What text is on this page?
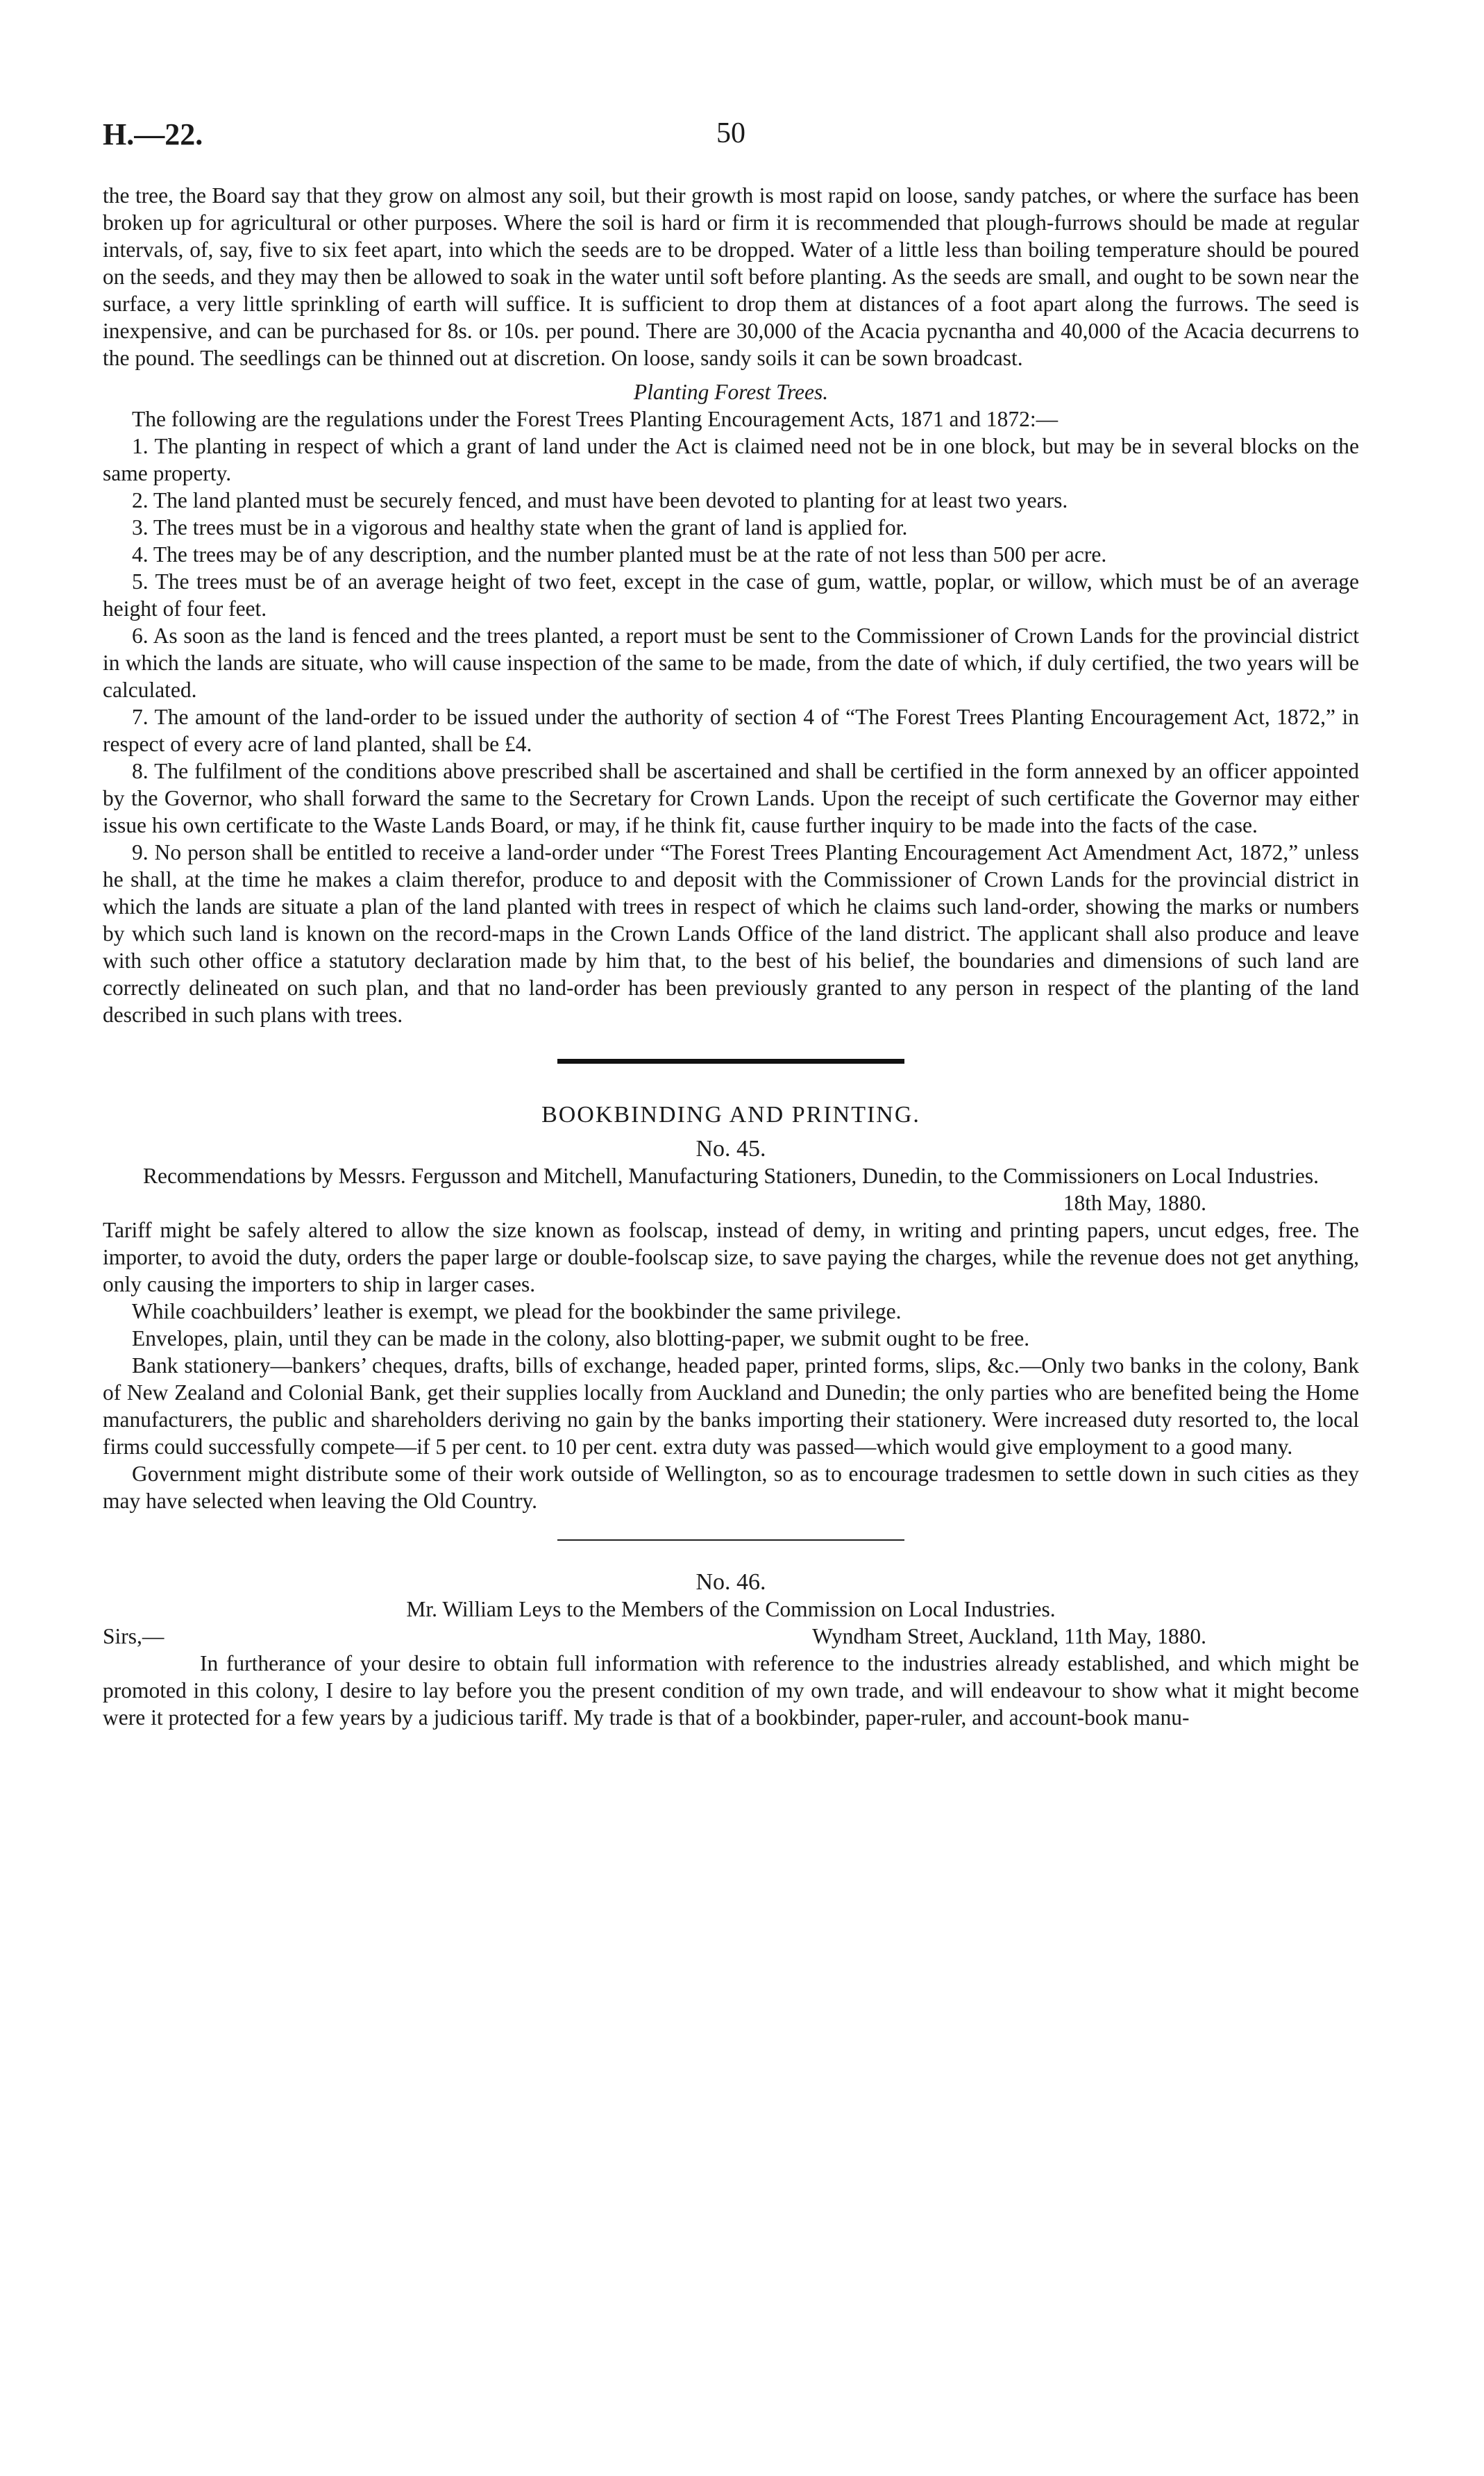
H.—22.	50

the tree, the Board say that they grow on almost any soil, but their growth is most rapid on loose, sandy patches, or where the surface has been broken up for agricultural or other purposes. Where the soil is hard or firm it is recommended that plough-furrows should be made at regular intervals, of, say, five to six feet apart, into which the seeds are to be dropped. Water of a little less than boiling temperature should be poured on the seeds, and they may then be allowed to soak in the water until soft before planting. As the seeds are small, and ought to be sown near the surface, a very little sprinkling of earth will suffice. It is sufficient to drop them at distances of a foot apart along the furrows. The seed is inexpensive, and can be purchased for 8s. or 10s. per pound. There are 30,000 of the Acacia pycnantha and 40,000 of the Acacia decurrens to the pound. The seedlings can be thinned out at discretion. On loose, sandy soils it can be sown broadcast.

Planting Forest Trees.

The following are the regulations under the Forest Trees Planting Encouragement Acts, 1871 and 1872:—

1. The planting in respect of which a grant of land under the Act is claimed need not be in one block, but may be in several blocks on the same property.

2. The land planted must be securely fenced, and must have been devoted to planting for at least two years.

3. The trees must be in a vigorous and healthy state when the grant of land is applied for.

4. The trees may be of any description, and the number planted must be at the rate of not less than 500 per acre.

5. The trees must be of an average height of two feet, except in the case of gum, wattle, poplar, or willow, which must be of an average height of four feet.

6. As soon as the land is fenced and the trees planted, a report must be sent to the Commissioner of Crown Lands for the provincial district in which the lands are situate, who will cause inspection of the same to be made, from the date of which, if duly certified, the two years will be calculated.

7. The amount of the land-order to be issued under the authority of section 4 of “The Forest Trees Planting Encouragement Act, 1872,” in respect of every acre of land planted, shall be £4.

8. The fulfilment of the conditions above prescribed shall be ascertained and shall be certified in the form annexed by an officer appointed by the Governor, who shall forward the same to the Secretary for Crown Lands. Upon the receipt of such certificate the Governor may either issue his own certificate to the Waste Lands Board, or may, if he think fit, cause further inquiry to be made into the facts of the case.

9. No person shall be entitled to receive a land-order under “The Forest Trees Planting Encouragement Act Amendment Act, 1872,” unless he shall, at the time he makes a claim therefor, produce to and deposit with the Commissioner of Crown Lands for the provincial district in which the lands are situate a plan of the land planted with trees in respect of which he claims such land-order, showing the marks or numbers by which such land is known on the record-maps in the Crown Lands Office of the land district. The applicant shall also produce and leave with such other office a statutory declaration made by him that, to the best of his belief, the boundaries and dimensions of such land are correctly delineated on such plan, and that no land-order has been previously granted to any person in respect of the planting of the land described in such plans with trees.

BOOKBINDING AND PRINTING.

No. 45.

Recommendations by Messrs. Fergusson and Mitchell, Manufacturing Stationers, Dunedin, to the Commissioners on Local Industries.

18th May, 1880.

Tariff might be safely altered to allow the size known as foolscap, instead of demy, in writing and printing papers, uncut edges, free. The importer, to avoid the duty, orders the paper large or double-foolscap size, to save paying the charges, while the revenue does not get anything, only causing the importers to ship in larger cases.

While coachbuilders’ leather is exempt, we plead for the bookbinder the same privilege.

Envelopes, plain, until they can be made in the colony, also blotting-paper, we submit ought to be free.

Bank stationery—bankers’ cheques, drafts, bills of exchange, headed paper, printed forms, slips, &c.—Only two banks in the colony, Bank of New Zealand and Colonial Bank, get their supplies locally from Auckland and Dunedin; the only parties who are benefited being the Home manufacturers, the public and shareholders deriving no gain by the banks importing their stationery. Were increased duty resorted to, the local firms could successfully compete—if 5 per cent. to 10 per cent. extra duty was passed—which would give employment to a good many.

Government might distribute some of their work outside of Wellington, so as to encourage tradesmen to settle down in such cities as they may have selected when leaving the Old Country.

No. 46.

Mr. William Leys to the Members of the Commission on Local Industries.

Sirs,—	Wyndham Street, Auckland, 11th May, 1880.

In furtherance of your desire to obtain full information with reference to the industries already established, and which might be promoted in this colony, I desire to lay before you the present condition of my own trade, and will endeavour to show what it might become were it protected for a few years by a judicious tariff. My trade is that of a bookbinder, paper-ruler, and account-book manu-
